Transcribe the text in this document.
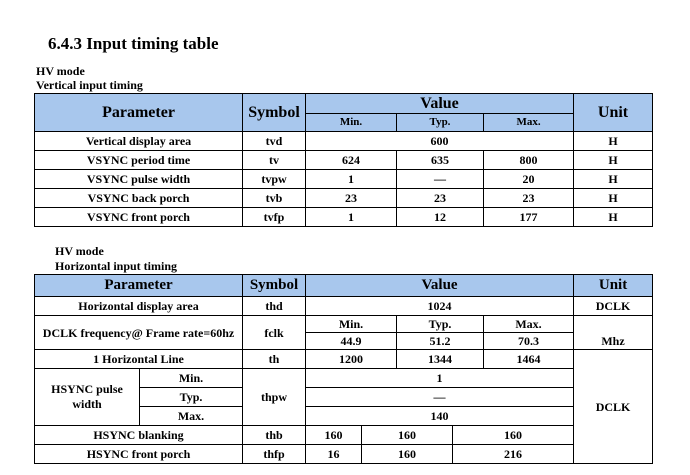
6.4.3 Input timing table
HV mode
Vertical input timing
Parameter	Symbol	Value			Unit
		Min.	Typ.	Max.	
Vertical display area	tvd	600			H
VSYNC period time	tv	624	635	800	H
VSYNC pulse width	tvpw	1	—	20	H
VSYNC back porch	tvb	23	23	23	H
VSYNC front porch	tvfp	1	12	177	H
HV mode
Horizontal input timing
Parameter		Symbol	Value					Unit
Horizontal display area		thd	1024					DCLK
DCLK frequency@ Frame rate=60hz		fclk	Min.		Typ.		Max.	
			44.9		51.2		70.3	Mhz
1 Horizontal Line		th	1200		1344		1464	DCLK
HSYNC pulse width	Min.	thpw	1					
	Typ.		—					
	Max.		140					
HSYNC blanking		thb	160	160		160		
HSYNC front porch		thfp	16	160		216		
